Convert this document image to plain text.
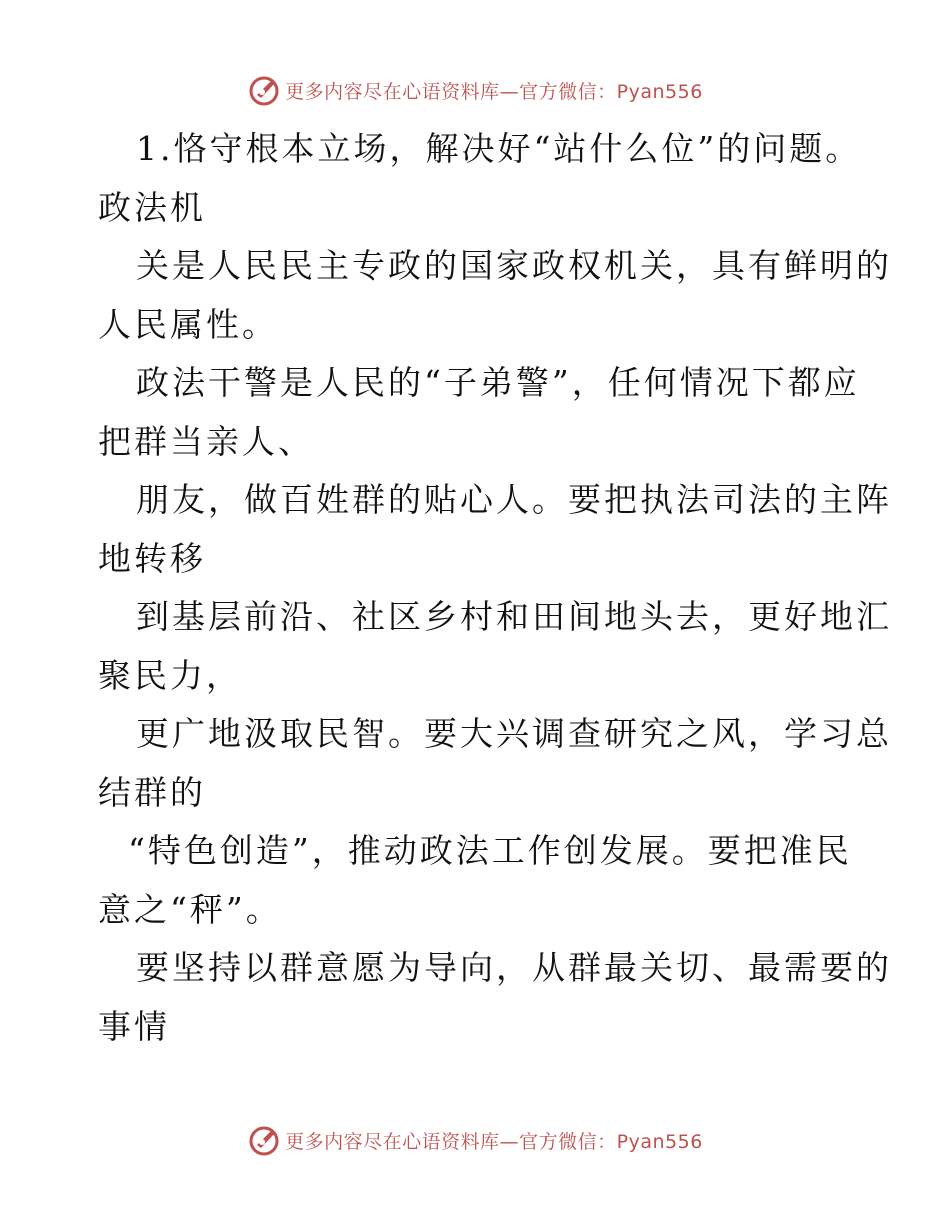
更多内容尽在心语资料库—官方微信：Pyan556
1.恪守根本立场，解决好“站什么位”的问题。
政法机
关是人民民主专政的国家政权机关，具有鲜明的
人民属性。
政法干警是人民的“子弟警”，任何情况下都应
把群当亲人、
朋友，做百姓群的贴心人。要把执法司法的主阵
地转移
到基层前沿、社区乡村和田间地头去，更好地汇
聚民力，
更广地汲取民智。要大兴调查研究之风，学习总
结群的
“特色创造”，推动政法工作创发展。要把准民
意之“秤”。
要坚持以群意愿为导向，从群最关切、最需要的
事情
更多内容尽在心语资料库—官方微信：Pyan556
